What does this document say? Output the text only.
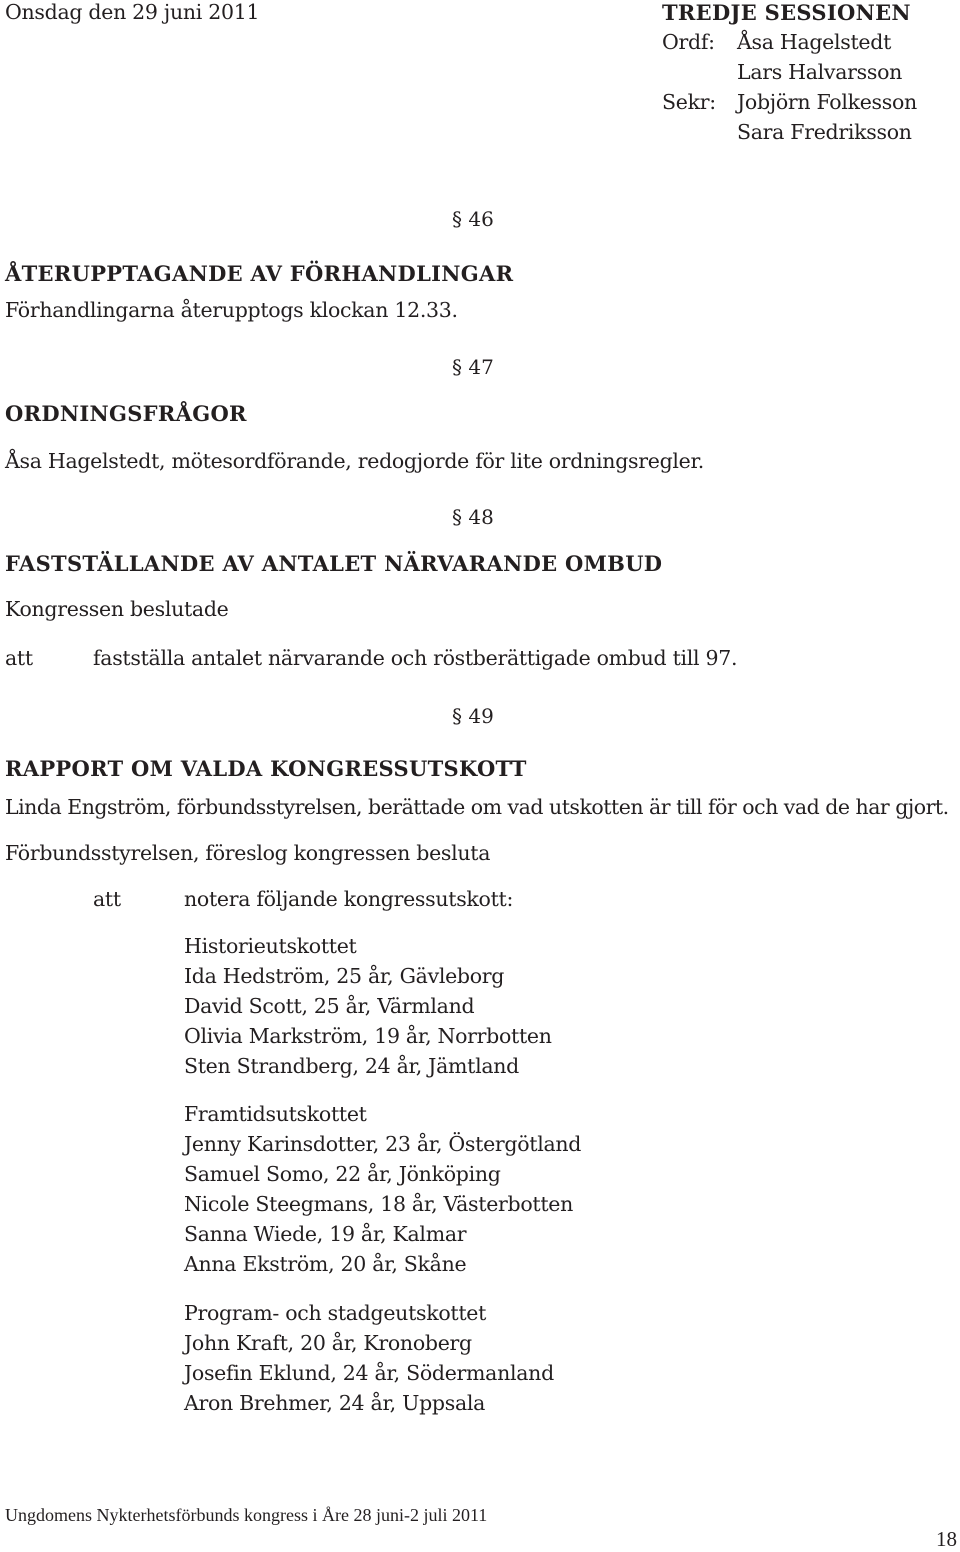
Onsdag den 29 juni 2011	TREDJE SESSIONEN
Ordf: Åsa Hagelstedt
Lars Halvarsson
Sekr: Jobjörn Folkesson
Sara Fredriksson
§ 46
ÅTERUPPTAGANDE AV FÖRHANDLINGAR
Förhandlingarna återupptogs klockan 12.33.
§ 47
ORDNINGSFRÅGOR
Åsa Hagelstedt, mötesordförande, redogjorde för lite ordningsregler.
§ 48
FASTSTÄLLANDE AV ANTALET NÄRVARANDE OMBUD
Kongressen beslutade
att	fastställa antalet närvarande och röstberättigade ombud till 97.
§ 49
RAPPORT OM VALDA KONGRESSUTSKOTT
Linda Engström, förbundsstyrelsen, berättade om vad utskotten är till för och vad de har gjort.
Förbundsstyrelsen, föreslog kongressen besluta
att	notera följande kongressutskott:
Historieutskottet
Ida Hedström, 25 år, Gävleborg
David Scott, 25 år, Värmland
Olivia Markström, 19 år, Norrbotten
Sten Strandberg, 24 år, Jämtland
Framtidsutskottet
Jenny Karinsdotter, 23 år, Östergötland
Samuel Somo, 22 år, Jönköping
Nicole Steegmans, 18 år, Västerbotten
Sanna Wiede, 19 år, Kalmar
Anna Ekström, 20 år, Skåne
Program- och stadgeutskottet
John Kraft, 20 år, Kronoberg
Josefin Eklund, 24 år, Södermanland
Aron Brehmer, 24 år, Uppsala
Ungdomens Nykterhetsförbunds kongress i Åre 28 juni-2 juli 2011
18
